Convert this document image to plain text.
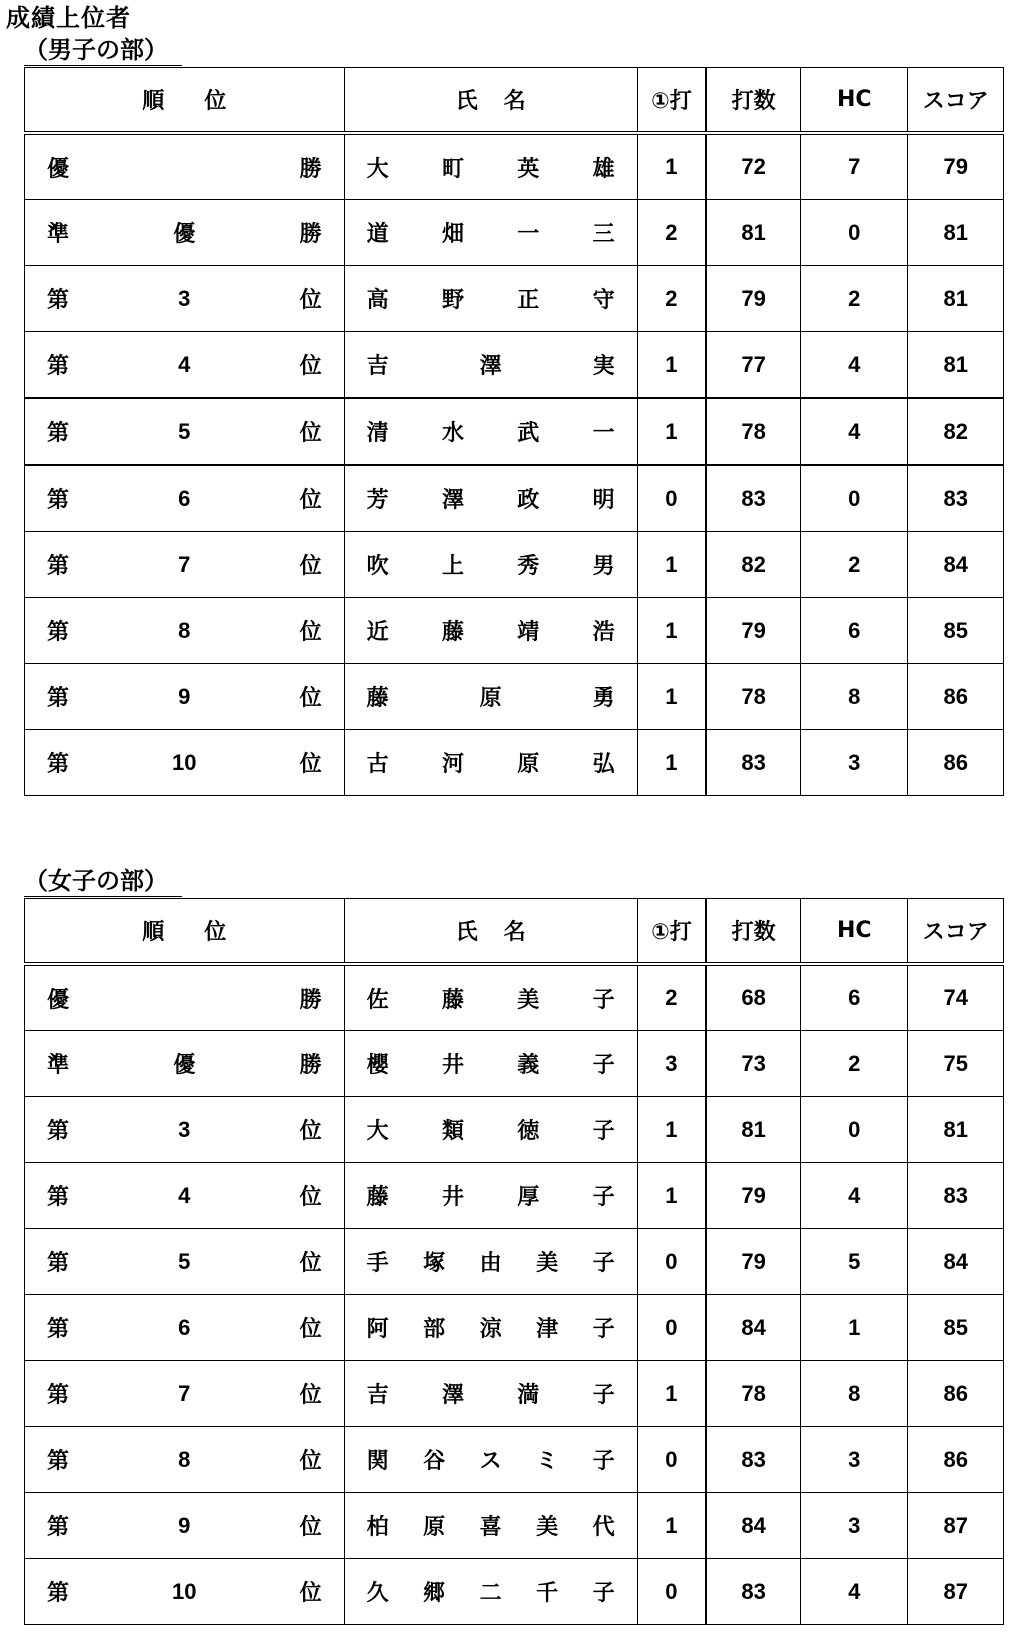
成績上位者
（男子の部）
順 位	氏 名	①打	打数	HC	スコア

優 勝	大 町 英 雄	1	72	7	79

準 優 勝	道 畑 一 三	2	81	0	81

第 3 位	高 野 正 守	2	79	2	81

第 4 位	吉 澤 実	1	77	4	81

第 5 位	清 水 武 一	1	78	4	82

第 6 位	芳 澤 政 明	0	83	0	83

第 7 位	吹 上 秀 男	1	82	2	84

第 8 位	近 藤 靖 浩	1	79	6	85

第 9 位	藤 原 勇	1	78	8	86

第 10 位	古 河 原 弘	1	83	3	86
（女子の部）
順 位	氏 名	①打	打数	HC	スコア

優 勝	佐 藤 美 子	2	68	6	74

準 優 勝	櫻 井 義 子	3	73	2	75

第 3 位	大 類 徳 子	1	81	0	81

第 4 位	藤 井 厚 子	1	79	4	83

第 5 位	手 塚 由 美 子	0	79	5	84

第 6 位	阿 部 涼 津 子	0	84	1	85

第 7 位	吉 澤 満 子	1	78	8	86

第 8 位	関 谷 ス ミ 子	0	83	3	86

第 9 位	柏 原 喜 美 代	1	84	3	87

第 10 位	久 郷 二 千 子	0	83	4	87
